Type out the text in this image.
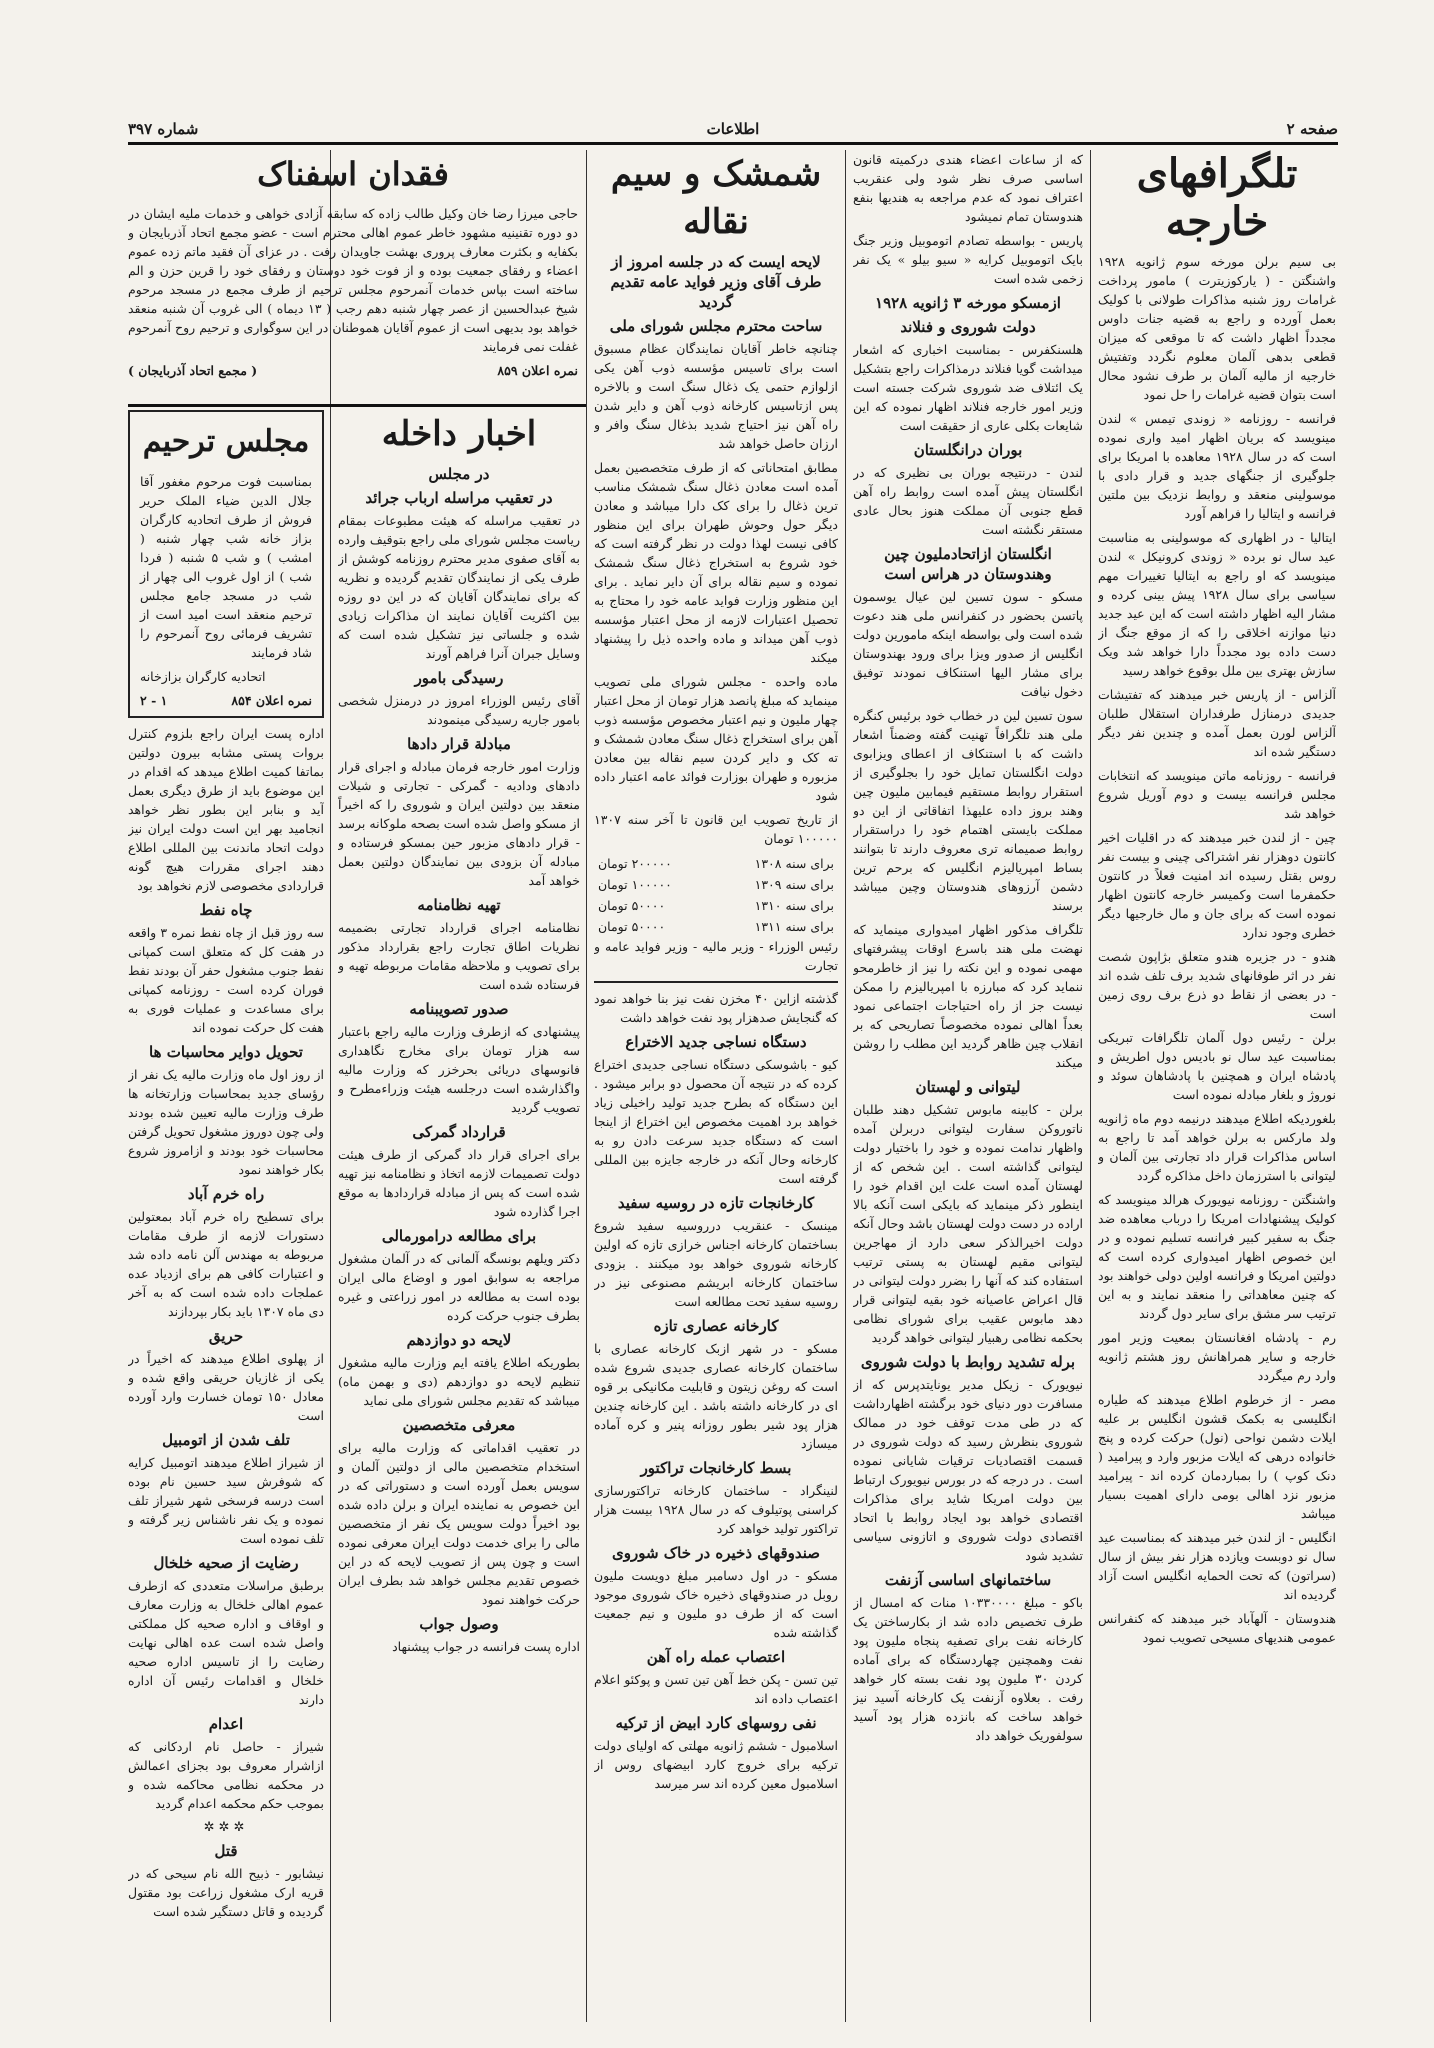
صفحه ۲
اطلاعات
شماره ۳۹۷
تلگرافهای خارجه

بی سیم برلن مورخه سوم ژانویه ۱۹۲۸ واشنگتن - ( یارکوزیترت ) مامور پرداخت غرامات روز شنبه مذاکرات طولانی با کولیک بعمل آورده و راجع به قضیه جنات داوس مجدداً اظهار داشت که تا موقعی که میزان قطعی بدهی آلمان معلوم نگردد وتفتیش خارجیه از مالیه آلمان بر طرف نشود محال است بتوان قضیه غرامات را حل نمود

فرانسه - روزنامه « زوندی تیمس » لندن مینویسد که بریان اظهار امید واری نموده است که در سال ۱۹۲۸ معاهده با امریکا برای جلوگیری از جنگهای جدید و قرار دادی با موسولینی منعقد و روابط نزدیک بین ملتین فرانسه و ایتالیا را فراهم آورد

ایتالیا - در اظهاری که موسولینی به مناسبت عید سال نو برده « زوندی کرونیکل » لندن مینویسد که او راجع به ایتالیا تغییرات مهم سیاسی برای سال ۱۹۲۸ پیش بینی کرده و مشار الیه اظهار داشته است که این عید جدید دنیا موازنه اخلاقی را که از موقع جنگ از دست داده بود مجدداً دارا خواهد شد ویک سازش بهتری بین ملل بوقوع خواهد رسید

آلزاس - از پاریس خبر میدهند که تفتیشات جدیدی درمنازل طرفداران استقلال طلبان آلزاس لورن بعمل آمده و چندین نفر دیگر دستگیر شده اند

فرانسه - روزنامه ماتن مینویسد که انتخابات مجلس فرانسه بیست و دوم آوریل شروع خواهد شد

چین - از لندن خبر میدهند که در اقلیات اخیر کانتون دوهزار نفر اشتراکی چینی و بیست نفر روس بقتل رسیده اند امنیت فعلاً در کانتون حکمفرما است وکمیسر خارجه کانتون اظهار نموده است که برای جان و مال خارجیها دیگر خطری وجود ندارد

هندو - در جزیره هندو متعلق بژاپون شصت نفر در اثر طوفانهای شدید برف تلف شده اند - در بعضی از نقاط دو ذرع برف روی زمین است

برلن - رئیس دول آلمان تلگرافات تبریکی بمناسبت عید سال نو بادیس دول اطریش و پادشاه ایران و همچنین با پادشاهان سوئد و نوروژ و بلغار مبادله نموده است

بلغوردیکه اطلاع میدهند درنیمه دوم ماه ژانویه ولد مارکس به برلن خواهد آمد تا راجع به اساس مذاکرات قرار داد تجارتی بین آلمان و لیتوانی با استرزمان داخل مذاکره گردد

واشنگتن - روزنامه نیویورک هرالد مینویسد که کولیک پیشنهادات امریکا را درباب معاهده ضد جنگ به سفیر کبیر فرانسه تسلیم نموده و در این خصوص اظهار امیدواری کرده است که دولتین امریکا و فرانسه اولین دولی خواهند بود که چنین معاهداتی را منعقد نمایند و به این ترتیب سر مشق برای سایر دول گردند

رم - پادشاه افغانستان بمعیت وزیر امور خارجه و سایر همراهانش روز هشتم ژانویه وارد رم میگردد

مصر - از خرطوم اطلاع میدهند که طیاره انگلیسی به بکمک قشون انگلیس بر علیه ایلات دشمن نواحی (نول) حرکت کرده و پنج خانواده درهی که ایلات مزبور وارد و پیرامید ( دنک کوپ ) را بمباردمان کرده اند - پیرامید مزبور نزد اهالی بومی دارای اهمیت بسیار میباشد

انگلیس - از لندن خبر میدهند که بمناسبت عید سال نو دوبست ویازده هزار نفر بیش از سال (سراتون) که تحت الحمایه انگلیس است آزاد گردیده اند

هندوستان - آلهآباد خبر میدهند که کنفرانس عمومی هندیهای مسیحی تصویب نمود

که از ساعات اعضاء هندی درکمیته قانون اساسی صرف نظر شود ولی عنقریب اعتراف نمود که عدم مراجعه به هندیها بنفع هندوستان تمام نمیشود

پاریس - بواسطه تصادم اتوموبیل وزیر جنگ بایک اتوموبیل کرایه « سیو بیلو » یک نفر زخمی شده است

ازمسکو مورخه ۳ ژانویه ۱۹۲۸
دولت شوروی و فنلاند

هلسنکفرس - بمناسبت اخباری که اشعار میداشت گویا فنلاند درمذاکرات راجع بتشکیل یک ائتلاف ضد شوروی شرکت جسته است وزیر امور خارجه فنلاند اظهار نموده که این شایعات بکلی عاری از حقیقت است

بوران درانگلستان

لندن - درنتیجه بوران بی نظیری که در انگلستان پیش آمده است روابط راه آهن قطع جنوبی آن مملکت هنوز بحال عادی مستقر نگشته است

انگلستان ازاتحادملیون چین وهندوستان در هراس است

مسکو - سون تسین لین عیال یوسمون پاتسن بحضور در کنفرانس ملی هند دعوت شده است ولی بواسطه اینکه مامورین دولت انگلیس از صدور ویزا برای ورود بهندوستان برای مشار الیها استنکاف نمودند توفیق دخول نیافت

سون تسین لین در خطاب خود برئیس کنگره ملی هند تلگرافاً تهنیت گفته وضمناً اشعار داشت که با استنکاف از اعطای ویزابوی دولت انگلستان تمایل خود را بجلوگیری از استقرار روابط مستقیم فیمابین ملیون چین وهند بروز داده علیهذا اتفاقاتی از این دو مملکت بایستی اهتمام خود را دراستقرار روابط صمیمانه تری معروف دارند تا بتوانند بساط امپریالیزم انگلیس که برحم ترین دشمن آرزوهای هندوستان وچین میباشد برسند

تلگراف مذکور اظهار امیدواری مینماید که نهضت ملی هند باسرع اوقات پیشرفتهای مهمی نموده و این نکته را نیز از خاطرمحو ننماید کرد که مبارزه با امپریالیزم را ممکن نیست جز از راه احتیاجات اجتماعی نمود بعداً اهالی نموده مخصوصاً تصاریحی که بر انقلاب چین ظاهر گردید این مطلب را روشن میکند

لیتوانی و لهستان

برلن - کابینه مابوس تشکیل دهند طلبان ناتوروکن سفارت لیتوانی دربرلن آمده واظهار ندامت نموده و خود را باختیار دولت لیتوانی گذاشته است . این شخص که از لهستان آمده است علت این اقدام خود را اینطور ذکر مینماید که بایکی است آنکه بالا اراده در دست دولت لهستان باشد وحال آنکه دولت اخیرالذکر سعی دارد از مهاجرین لیتوانی مقیم لهستان به پستی ترتیب استفاده کند که آنها را بضرر دولت لیتوانی در قال اعراض عاصیانه خود بقیه لیتوانی قرار دهد مابوس عقیب برای شورای نظامی بحکمه نظامی رهبیار لیتوانی خواهد گردید

برله تشدید روابط با دولت شوروی

نیویورک - زیکل مدیر یونایتدپرس که از مسافرت دور دنیای خود برگشته اظهارداشت که در طی مدت توقف خود در ممالک شوروی بنظرش رسید که دولت شوروی در قسمت اقتصادیات ترقیات شایانی نموده است . در درجه که در بورس نیویورک ارتباط بین دولت امریکا شاید برای مذاکرات اقتصادی خواهد بود ایجاد روابط با اتحاد اقتصادی دولت شوروی و اتازونی سیاسی تشدید شود

ساختمانهای اساسی آزنفت

باکو - مبلغ ۱۰۳۳۰۰۰۰ منات که امسال از طرف تخصیص داده شد از بکارساختن یک کارخانه نفت برای تصفیه پنجاه ملیون پود نفت وهمچنین چهاردستگاه که برای آماده کردن ۳۰ ملیون پود نفت بسته کار خواهد رفت . بعلاوه آزنفت یک کارخانه آسید نیز خواهد ساخت که بانزده هزار پود آسید سولفوریک خواهد داد

شمشک و سیم نقاله
لایحه ایست که در جلسه امروز از طرف آقای وزیر فواید عامه تقدیم گردید
ساحت محترم مجلس شورای ملی

چنانچه خاطر آقایان نمایندگان عظام مسبوق است برای تاسیس مؤسسه ذوب آهن یکی ازلوازم حتمی یک ذغال سنگ است و بالاخره پس ازتاسیس کارخانه ذوب آهن و دایر شدن راه آهن نیز احتیاج شدید بذغال سنگ وافر و ارزان حاصل خواهد شد

مطابق امتحاناتی که از طرف متخصصین بعمل آمده است معادن ذغال سنگ شمشک مناسب ترین ذغال را برای کک دارا میباشد و معادن دیگر حول وحوش طهران برای این منظور کافی نیست لهذا دولت در نظر گرفته است که خود شروع به استخراج ذغال سنگ شمشک نموده و سیم نقاله برای آن دایر نماید . برای این منظور وزارت فواید عامه خود را محتاج به تحصیل اعتبارات لازمه از محل اعتبار مؤسسه ذوب آهن میداند و ماده واحده ذیل را پیشنهاد میکند

ماده واحده - مجلس شورای ملی تصویب مینماید که مبلغ پانصد هزار تومان از محل اعتبار چهار ملیون و نیم اعتبار مخصوص مؤسسه ذوب آهن برای استخراج ذغال سنگ معادن شمشک و ته کک و دایر کردن سیم نقاله بین معادن مزبوره و طهران بوزارت فوائد عامه اعتبار داده شود

از تاریخ تصویب این قانون تا آخر سنه ۱۳۰۷ ۱۰۰۰۰۰ تومان

برای سنه ۱۳۰۸	۲۰۰۰۰۰ تومان
برای سنه ۱۳۰۹	۱۰۰۰۰۰ تومان
برای سنه ۱۳۱۰	۵۰۰۰۰ تومان
برای سنه ۱۳۱۱	۵۰۰۰۰ تومان

رئیس الوزراء - وزیر مالیه - وزیر فواید عامه و تجارت

گذشته ازاین ۴۰ مخزن نفت نیز بنا خواهد نمود که گنجایش صدهزار پود نفت خواهد داشت

دستگاه نساجی جدید الاختراع

کیو - باشوسکی دستگاه نساجی جدیدی اختراع کرده که در نتیجه آن محصول دو برابر میشود . این دستگاه که بطرح جدید تولید راخیلی زیاد خواهد برد اهمیت مخصوص این اختراع از اینجا است که دستگاه جدید سرعت دادن رو به کارخانه وحال آنکه در خارجه جایزه بین المللی گرفته است

کارخانجات تازه در روسیه سفید

مینسک - عنقریب درروسیه سفید شروع بساختمان کارخانه اجناس خرازی تازه که اولین کارخانه شوروی خواهد بود میکنند . بزودی ساختمان کارخانه ابریشم مصنوعی نیز در روسیه سفید تحت مطالعه است

کارخانه عصاری تازه

مسکو - در شهر ازبک کارخانه عصاری با ساختمان کارخانه عصاری جدیدی شروع شده است که روغن زیتون و قابلیت مکانیکی بر قوه ای در کارخانه داشته باشد . این کارخانه چندین هزار پود شیر بطور روزانه پنیر و کره آماده میسازد

بسط کارخانجات تراکتور

لنینگراد - ساختمان کارخانه تراکتورسازی کراسنی پوتیلوف که در سال ۱۹۲۸ بیست هزار تراکتور تولید خواهد کرد

صندوقهای ذخیره در خاک شوروی

مسکو - در اول دسامبر مبلغ دویست ملیون روبل در صندوقهای ذخیره خاک شوروی موجود است که از طرف دو ملیون و نیم جمعیت گذاشته شده

اعتصاب عمله راه آهن

تین تسن - پکن خط آهن تین تسن و پوکئو اعلام اعتصاب داده اند

نفی روسهای کارد ابیض از ترکیه

اسلامبول - ششم ژانویه مهلتی که اولیای دولت ترکیه برای خروج کارد ابیضهای روس از اسلامبول معین کرده اند سر میرسد

اخبار داخله
در مجلس
در تعقیب مراسله ارباب جرائد

در تعقیب مراسله که هیئت مطبوعات بمقام ریاست مجلس شورای ملی راجع بتوقیف وارده به آقای صفوی مدیر محترم روزنامه کوشش از طرف یکی از نمایندگان تقدیم گردیده و نظریه که برای نمایندگان آقایان که در این دو روزه بین اکثریت آقایان نمایند ان مذاکرات زیادی شده و جلساتی نیز تشکیل شده است که وسایل جبران آنرا فراهم آورند

رسیدگی بامور

آقای رئیس الوزراء امروز در درمنزل شخصی بامور جاریه رسیدگی مینمودند

مبادلة قرار دادها

وزارت امور خارجه فرمان مبادله و اجرای قرار دادهای ودادیه - گمرکی - تجارتی و شیلات منعقد بین دولتین ایران و شوروی را که اخیراً از مسکو واصل شده است بصحه ملوکانه برسد - قرار دادهای مزبور حین بمسکو فرستاده و مبادله آن بزودی بین نمایندگان دولتین بعمل خواهد آمد

تهیه نظامنامه

نظامنامه اجرای قرارداد تجارتی بضمیمه نظریات اطاق تجارت راجع بقرارداد مذکور برای تصویب و ملاحظه مقامات مربوطه تهیه و فرستاده شده است

صدور تصویبنامه

پیشنهادی که ازطرف وزارت مالیه راجع باعتبار سه هزار تومان برای مخارج نگاهداری فانوسهای دریائی بحرخزر که وزارت مالیه واگذارشده است درجلسه هیئت وزراءمطرح و تصویب گردید

قرارداد گمرکی

برای اجرای قرار داد گمرکی از طرف هیئت دولت تصمیمات لازمه اتخاذ و نظامنامه نیز تهیه شده است که پس از مبادله قراردادها به موقع اجرا گذارده شود

برای مطالعه درامورمالی

دکتر ویلهم بونسگه آلمانی که در آلمان مشغول مراجعه به سوابق امور و اوضاع مالی ایران بوده است به مطالعه در امور زراعتی و غیره بطرف جنوب حرکت کرده

لایحه دو دوازدهم

بطوریکه اطلاع یافته ایم وزارت مالیه مشغول تنظیم لایحه دو دوازدهم (دی و بهمن ماه) میباشد که تقدیم مجلس شورای ملی نماید

معرفی متخصصین

در تعقیب اقداماتی که وزارت مالیه برای استخدام متخصصین مالی از دولتین آلمان و سویس بعمل آورده است و دستوراتی که در این خصوص به نماینده ایران و برلن داده شده بود اخیراً دولت سویس یک نفر از متخصصین مالی را برای خدمت دولت ایران معرفی نموده است و چون پس از تصویب لایحه که در این خصوص تقدیم مجلس خواهد شد بطرف ایران حرکت خواهند نمود

وصول جواب

اداره پست فرانسه در جواب پیشنهاد

فقدان اسفناک

حاجی میرزا رضا خان وکیل طالب زاده که سابقه آزادی خواهی و خدمات ملیه ایشان در دو دوره تقنینیه مشهود خاطر عموم اهالی محترم است - عضو مجمع اتحاد آذربایجان و بکفایه و بکثرت معارف پروری بهشت جاویدان رفت . در عزای آن فقید ماتم زده عموم اعضاء و رفقای جمعیت بوده و از فوت خود دوستان و رفقای خود را قرین حزن و الم ساخته است بپاس خدمات آنمرحوم مجلس ترحیم از طرف مجمع در مسجد مرحوم شیخ عبدالحسین از عصر چهار شنبه دهم رجب ( ۱۳ دیماه ) الی غروب آن شنبه منعقد خواهد بود بدیهی است از عموم آقایان هموطنان در این سوگواری و ترحیم روح آنمرحوم غفلت نمی فرمایند

نمره اعلان ۸۵۹
( مجمع اتحاد آذربایجان )
مجلس ترحیم

بمناسبت فوت مرحوم مغفور آقا جلال الدین ضیاء الملک حریر فروش از طرف اتحادیه کارگران بزاز خانه شب چهار شنبه ( امشب ) و شب ۵ شنبه ( فردا شب ) از اول غروب الی چهار از شب در مسجد جامع مجلس ترحیم منعقد است امید است از تشریف فرمائی روح آنمرحوم را شاد فرمایند

اتحادیه کارگران بزازخانه

نمره اعلان ۸۵۴
۱ - ۲

اداره پست ایران راجع بلزوم کنترل بروات پستی مشابه بیرون دولتین بماتفا کمیت اطلاع میدهد که اقدام در این موضوع باید از طرق دیگری بعمل آید و بنابر این بطور نظر خواهد انجامید بهر این است دولت ایران نیز دولت اتحاد ماندنت بین المللی اطلاع دهند اجرای مقررات هیچ گونه قراردادی مخصوصی لازم نخواهد بود

چاه نفط

سه روز قبل از چاه نفط نمره ۳ واقعه در هفت کل که متعلق است کمپانی نفط جنوب مشغول حفر آن بودند نفط فوران کرده است - روزنامه کمپانی برای مساعدت و عملیات فوری به هفت کل حرکت نموده اند

تحویل دوایر محاسبات ها

از روز اول ماه وزارت مالیه یک نفر از رؤسای جدید بمحاسبات وزارتخانه ها طرف وزارت مالیه تعیین شده بودند ولی چون دوروز مشغول تحویل گرفتن محاسبات خود بودند و ازامروز شروع بکار خواهند نمود

راه خرم آباد

برای تسطیح راه خرم آباد بمعتولین دستورات لازمه از طرف مقامات مربوطه به مهندس آلن نامه داده شد و اعتبارات کافی هم برای ازدیاد عده عملجات داده شده است که به آخر دی ماه ۱۳۰۷ باید بکار بپردازند

حریق

از پهلوی اطلاع میدهند که اخیراً در یکی از غازیان حریقی واقع شده و معادل ۱۵۰ تومان خسارت وارد آورده است

تلف شدن از اتومبیل

از شیراز اطلاع میدهند اتومبیل کرایه که شوفرش سید حسین نام بوده است درسه فرسخی شهر شیراز تلف نموده و یک نفر ناشناس زیر گرفته و تلف نموده است

رضایت از صحیه خلخال

برطبق مراسلات متعددی که ازطرف عموم اهالی خلخال به وزارت معارف و اوقاف و اداره صحیه کل مملکتی واصل شده است عده اهالی نهایت رضایت را از تاسیس اداره صحیه خلخال و اقدامات رئیس آن اداره دارند

اعدام

شیراز - حاصل نام اردکانی که ازاشرار معروف بود بجزای اعمالش در محکمه نظامی محاکمه شده و بموجب حکم محکمه اعدام گردید

✲✲✲
قتل

نیشابور - ذبیح الله نام سیحی که در قریه ارک مشغول زراعت بود مقتول گردیده و قاتل دستگیر شده است
